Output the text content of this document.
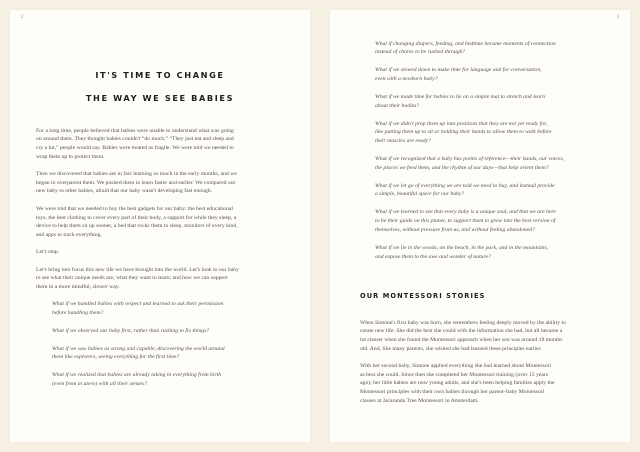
2
IT'S TIME TO CHANGE
THE WAY WE SEE BABIES
For a long time, people believed that babies were unable to understand what was going
on around them. They thought babies couldn't “do much.” “They just eat and sleep and
cry a lot,” people would say. Babies were treated as fragile. We were told we needed to
wrap them up to protect them.
Then we discovered that babies are in fact learning so much in the early months, and we
began to overparent them. We pushed them to learn faster and earlier. We compared our
new baby to other babies, afraid that our baby wasn't developing fast enough.
We were told that we needed to buy the best gadgets for our baby: the best educational
toys, the best clothing to cover every part of their body, a support for while they sleep, a
device to help them sit up sooner, a bed that rocks them to sleep, monitors of every kind,
and apps to track everything.
Let's stop.
Let's bring into focus this new life we have brought into the world. Let's look to our baby
to see what their unique needs are; what they want to learn; and how we can support
them in a more mindful, slower way.
What if we handled babies with respect and learned to ask their permission
before handling them?
What if we observed our baby first, rather than rushing to fix things?
What if we saw babies as strong and capable, discovering the world around
them like explorers, seeing everything for the first time?
What if we realized that babies are already taking in everything from birth
(even from in utero) with all their senses?
3
What if changing diapers, feeding, and bedtime became moments of connection
instead of chores to be rushed through?
What if we slowed down to make time for language and for conversation,
even with a newborn baby?
What if we made time for babies to lie on a simple mat to stretch and learn
about their bodies?
What if we didn't prop them up into positions that they are not yet ready for,
like putting them up to sit or holding their hands to allow them to walk before
their muscles are ready?
What if we recognized that a baby has points of reference—their hands, our voices,
the places we feed them, and the rhythm of our days—that help orient them?
What if we let go of everything we are told we need to buy, and instead provide
a simple, beautiful space for our baby?
What if we learned to see that every baby is a unique soul, and that we are here
to be their guide on this planet, to support them to grow into the best version of
themselves, without pressure from us, and without feeling abandoned?
What if we lie in the woods, on the beach, in the park, and in the mountains,
and expose them to the awe and wonder of nature?
OUR MONTESSORI STORIES
When Simone's first baby was born, she remembers feeling deeply moved by the ability to
create new life. She did the best she could with the information she had, but all became a
lot clearer when she found the Montessori approach when her son was around 18 months
old. And, like many parents, she wished she had learned these principles earlier.
With her second baby, Simone applied everything she had learned about Montessori
as best she could. Since then she completed her Montessori training (over 15 years
ago); her little babies are now young adults, and she's been helping families apply the
Montessori principles with their own babies through her parent–baby Montessori
classes at Jacaranda Tree Montessori in Amsterdam.
